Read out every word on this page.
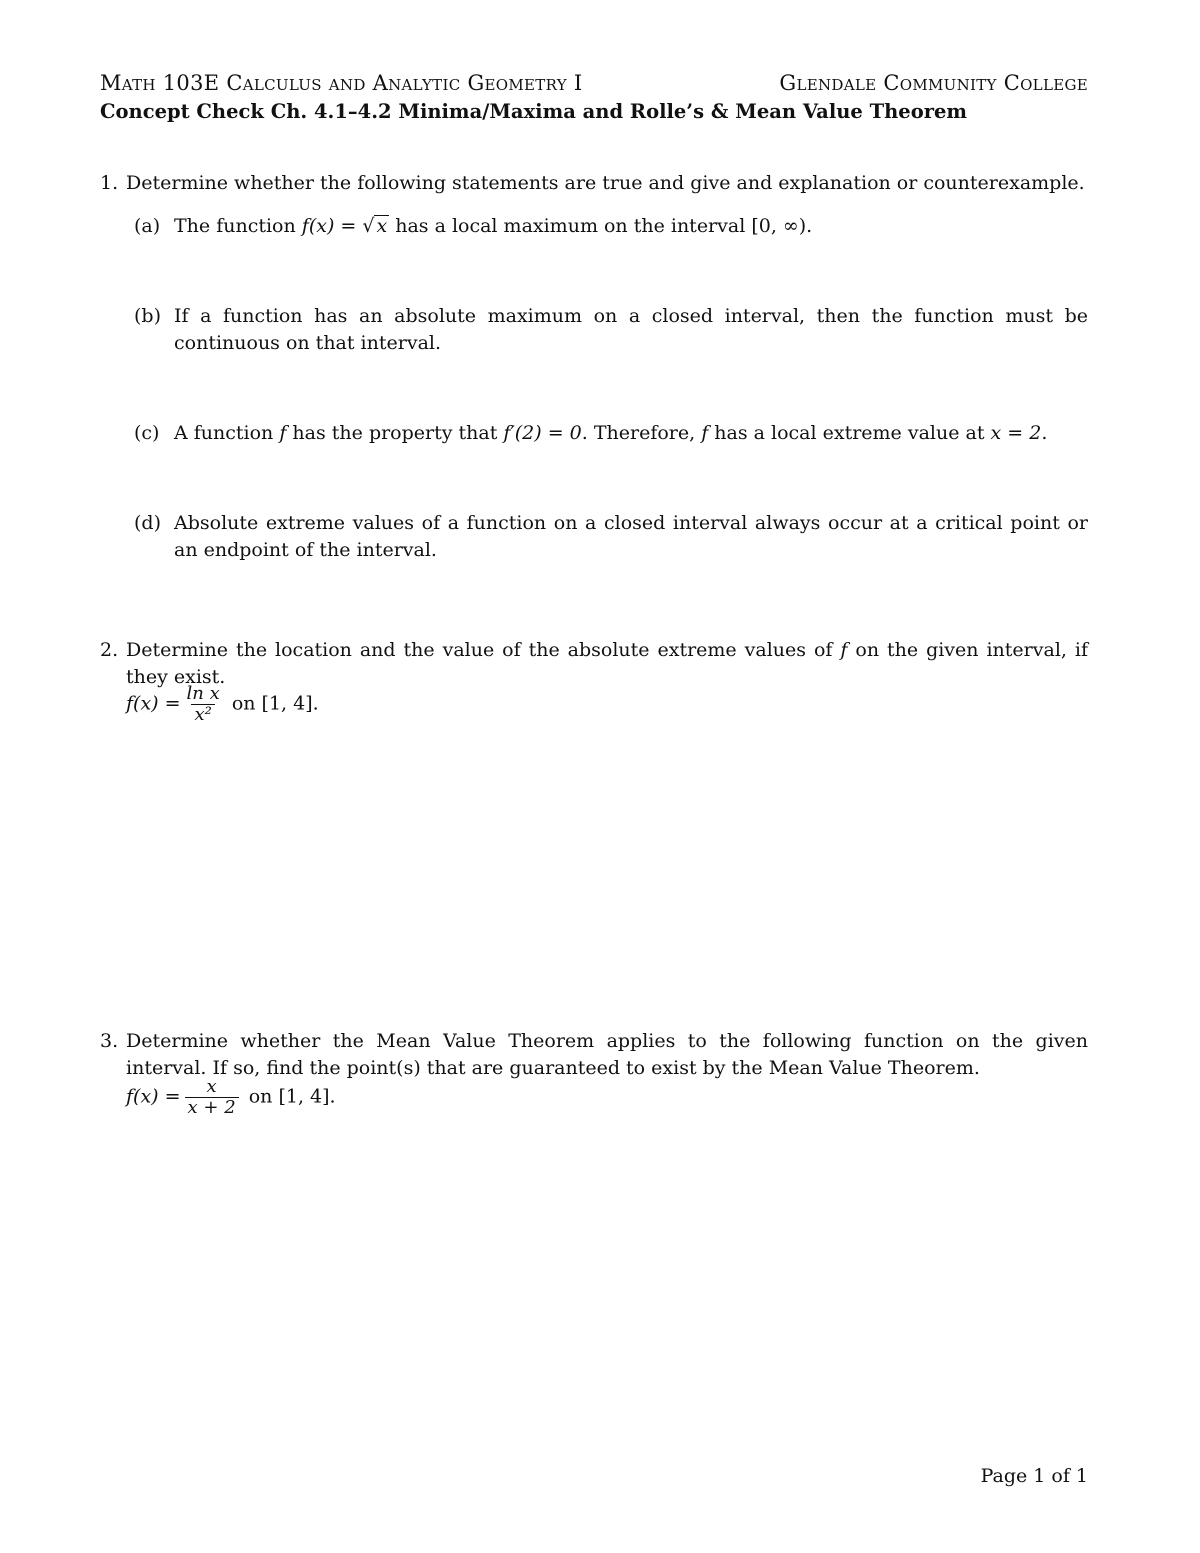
Math 103E Calculus and Analytic Geometry I	Glendale Community College
Concept Check Ch. 4.1–4.2 Minima/Maxima and Rolle’s & Mean Value Theorem
1. Determine whether the following statements are true and give and explanation or counterexample.
(a) The function f(x) = √ x has a local maximum on the interval [0, ∞).
(b) If a function has an absolute maximum on a closed interval, then the function must be continuous on that interval.
(c) A function f has the property that f′(2) = 0. Therefore, f has a local extreme value at x = 2.
(d) Absolute extreme values of a function on a closed interval always occur at a critical point or an endpoint of the interval.
2. Determine the location and the value of the absolute extreme values of f on the given interval, if they exist.
$f(x) = \frac{\text{ln x}}{\text{x²}}$ on [1, 4].
3. Determine whether the Mean Value Theorem applies to the following function on the given interval. If so, find the point(s) that are guaranteed to exist by the Mean Value Theorem.
$f(x) = \frac{x}{x + 2}$ on [1, 4].
Page 1 of 1
